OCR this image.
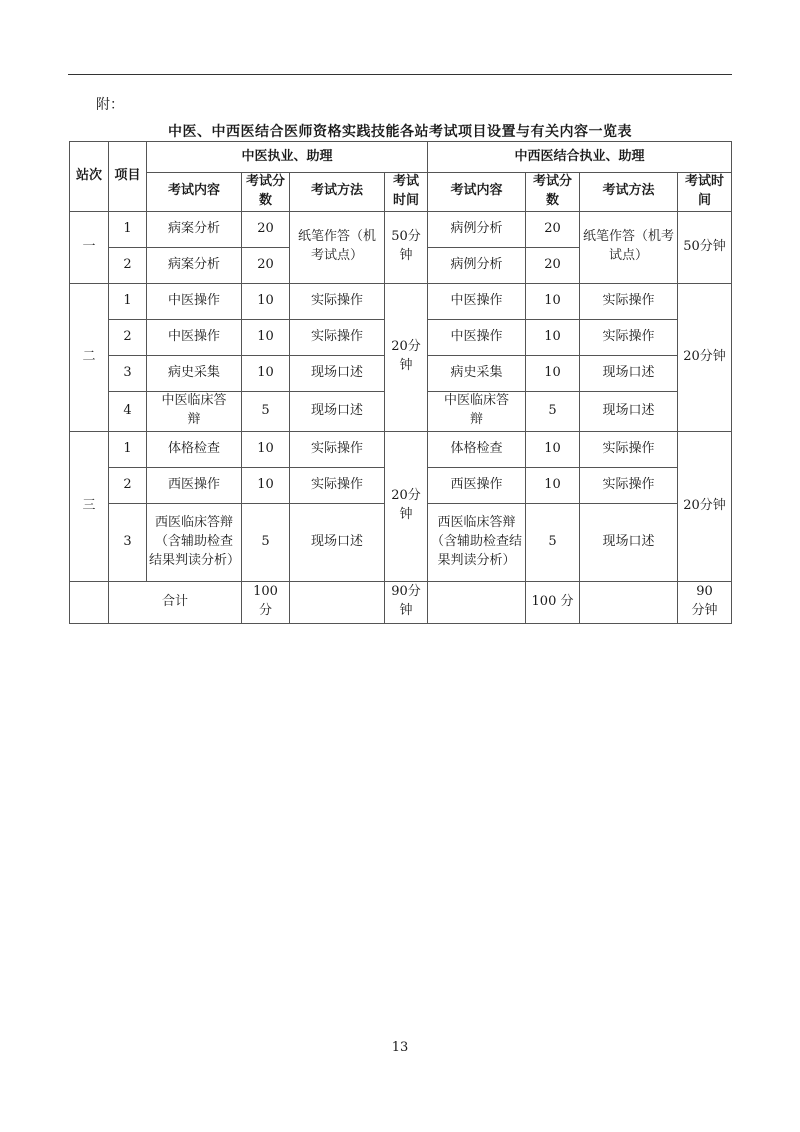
附：
中医、中西医结合医师资格实践技能各站考试项目设置与有关内容一览表
站次	项目	中医执业、助理				中西医结合执业、助理			
		考试内容	考试分数	考试方法	考试时间	考试内容	考试分数	考试方法	考试时间
一	1	病案分析	20	纸笔作答（机考试点）	50分钟	病例分析	20	纸笔作答（机考试点）	50分钟
	2	病案分析	20			病例分析	20		
二	1	中医操作	10	实际操作	20分钟	中医操作	10	实际操作	20分钟
	2	中医操作	10	实际操作		中医操作	10	实际操作	
	3	病史采集	10	现场口述		病史采集	10	现场口述	
	4	中医临床答辩	5	现场口述		中医临床答辩	5	现场口述	
三	1	体格检查	10	实际操作	20分钟	体格检查	10	实际操作	20分钟
	2	西医操作	10	实际操作		西医操作	10	实际操作	
	3	西医临床答辩（含辅助检查结果判读分析）	5	现场口述		西医临床答辩（含辅助检查结果判读分析）	5	现场口述	
	合计		100分		90分钟		100 分		90分钟
13
